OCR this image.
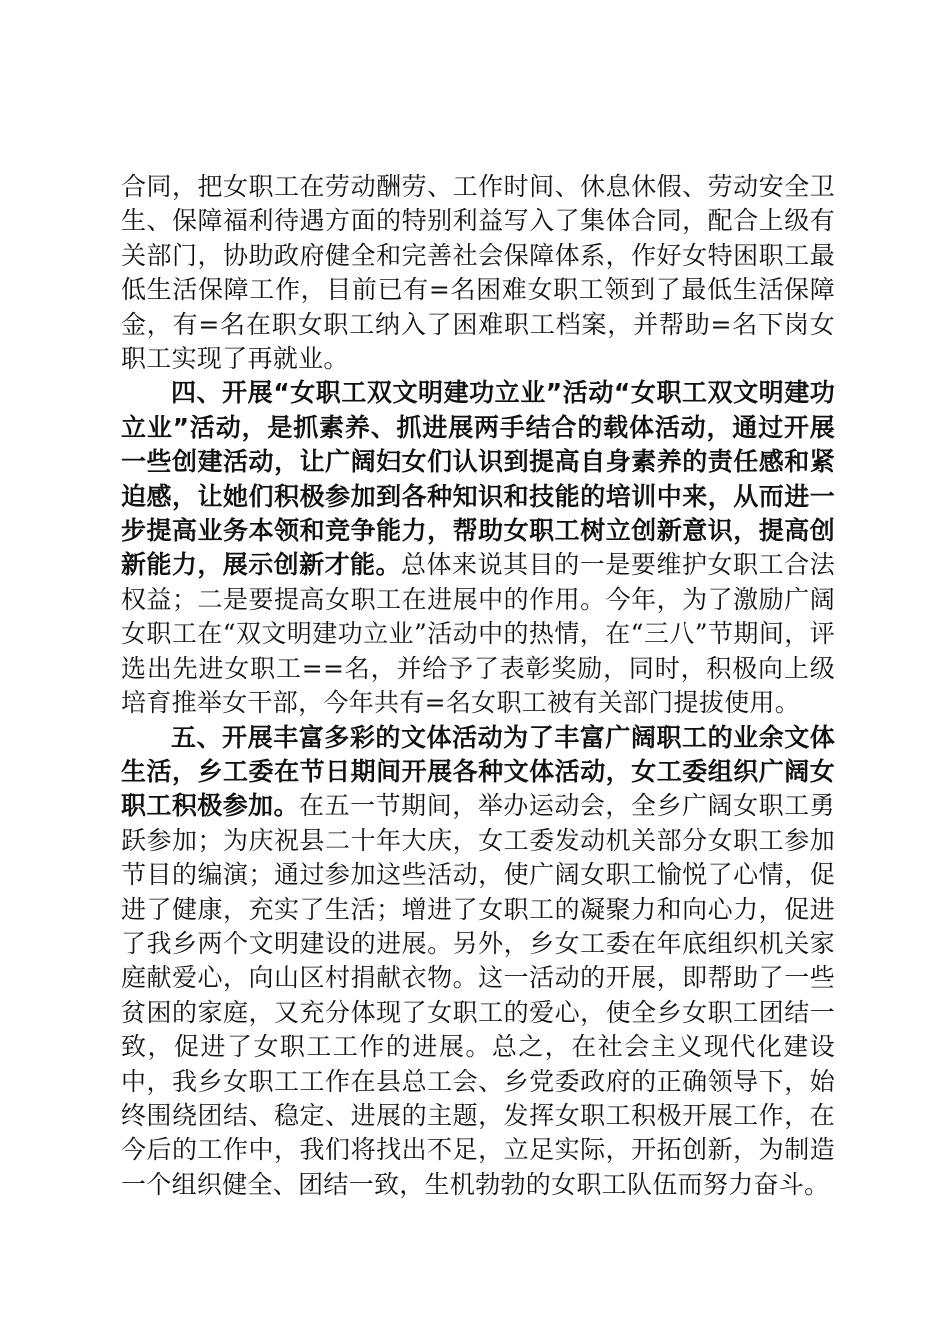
合同，把女职工在劳动酬劳、工作时间、休息休假、劳动安全卫生、保障福利待遇方面的特别利益写入了集体合同，配合上级有关部门，协助政府健全和完善社会保障体系，作好女特困职工最低生活保障工作，目前已有=名困难女职工领到了最低生活保障金，有=名在职女职工纳入了困难职工档案，并帮助=名下岗女职工实现了再就业。

四、开展“女职工双文明建功立业”活动“女职工双文明建功立业”活动，是抓素养、抓进展两手结合的载体活动，通过开展一些创建活动，让广阔妇女们认识到提高自身素养的责任感和紧迫感，让她们积极参加到各种知识和技能的培训中来，从而进一步提高业务本领和竞争能力，帮助女职工树立创新意识，提高创新能力，展示创新才能。总体来说其目的一是要维护女职工合法权益；二是要提高女职工在进展中的作用。今年，为了激励广阔女职工在“双文明建功立业”活动中的热情，在“三八”节期间，评选出先进女职工==名，并给予了表彰奖励，同时，积极向上级培育推举女干部，今年共有=名女职工被有关部门提拔使用。

五、开展丰富多彩的文体活动为了丰富广阔职工的业余文体生活，乡工委在节日期间开展各种文体活动，女工委组织广阔女职工积极参加。在五一节期间，举办运动会，全乡广阔女职工勇跃参加；为庆祝县二十年大庆，女工委发动机关部分女职工参加节目的编演；通过参加这些活动，使广阔女职工愉悦了心情，促进了健康，充实了生活；增进了女职工的凝聚力和向心力，促进了我乡两个文明建设的进展。另外，乡女工委在年底组织机关家庭献爱心，向山区村捐献衣物。这一活动的开展，即帮助了一些贫困的家庭，又充分体现了女职工的爱心，使全乡女职工团结一致，促进了女职工工作的进展。总之，在社会主义现代化建设中，我乡女职工工作在县总工会、乡党委政府的正确领导下，始终围绕团结、稳定、进展的主题，发挥女职工积极开展工作，在今后的工作中，我们将找出不足，立足实际，开拓创新，为制造一个组织健全、团结一致，生机勃勃的女职工队伍而努力奋斗。
